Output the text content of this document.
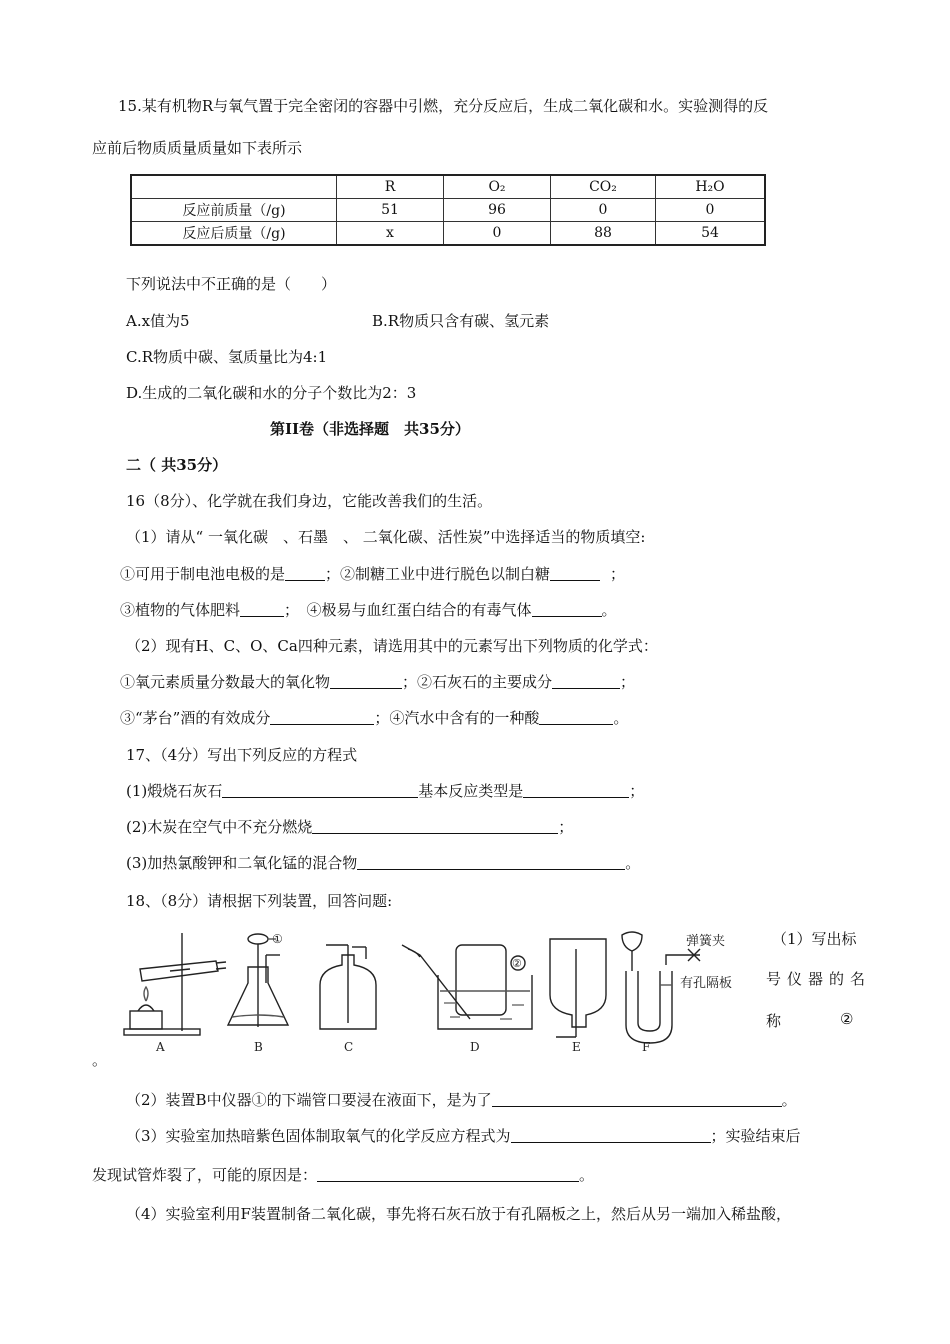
15.某有机物R与氧气置于完全密闭的容器中引燃，充分反应后，生成二氧化碳和水。实验测得的反
应前后物质质量质量如下表所示
	R	O₂	CO₂	H₂O
反应前质量（/g)	51	96	0	0
反应后质量（/g)	x	0	88	54
下列说法中不正确的是（　　）
A.x值为5	B.R物质只含有碳、氢元素
C.R物质中碳、氢质量比为4:1
D.生成的二氧化碳和水的分子个数比为2：3
第II卷（非选择题　共35分）
二（ 共35分）
16（8分）、化学就在我们身边，它能改善我们的生活。
（1）请从“ 一氧化碳　、石墨　、 二氧化碳、活性炭”中选择适当的物质填空:
①可用于制电池电极的是	；②制糖工业中进行脱色以制白糖	；
③植物的气体肥料	；　④极易与血红蛋白结合的有毒气体	。
（2）现有H、C、O、Ca四种元素，请选用其中的元素写出下列物质的化学式：
①氧元素质量分数最大的氧化物	；②石灰石的主要成分	；
③“茅台”酒的有效成分	；④汽水中含有的一种酸	。
17、（4分）写出下列反应的方程式
(1)煅烧石灰石	基本反应类型是	；
(2)木炭在空气中不充分燃烧	；
(3)加热氯酸钾和二氧化锰的混合物	。
18、（8分）请根据下列装置，回答问题:
A	B	C	D	E	F
①
②
弹簧夹
有孔隔板
（1）写出标
号仪器的名
称	②
。
（2）装置B中仪器①的下端管口要浸在液面下，是为了	。
（3）实验室加热暗紫色固体制取氧气的化学反应方程式为	；实验结束后
发现试管炸裂了，可能的原因是：	。
（4）实验室利用F装置制备二氧化碳，事先将石灰石放于有孔隔板之上，然后从另一端加入稀盐酸，
